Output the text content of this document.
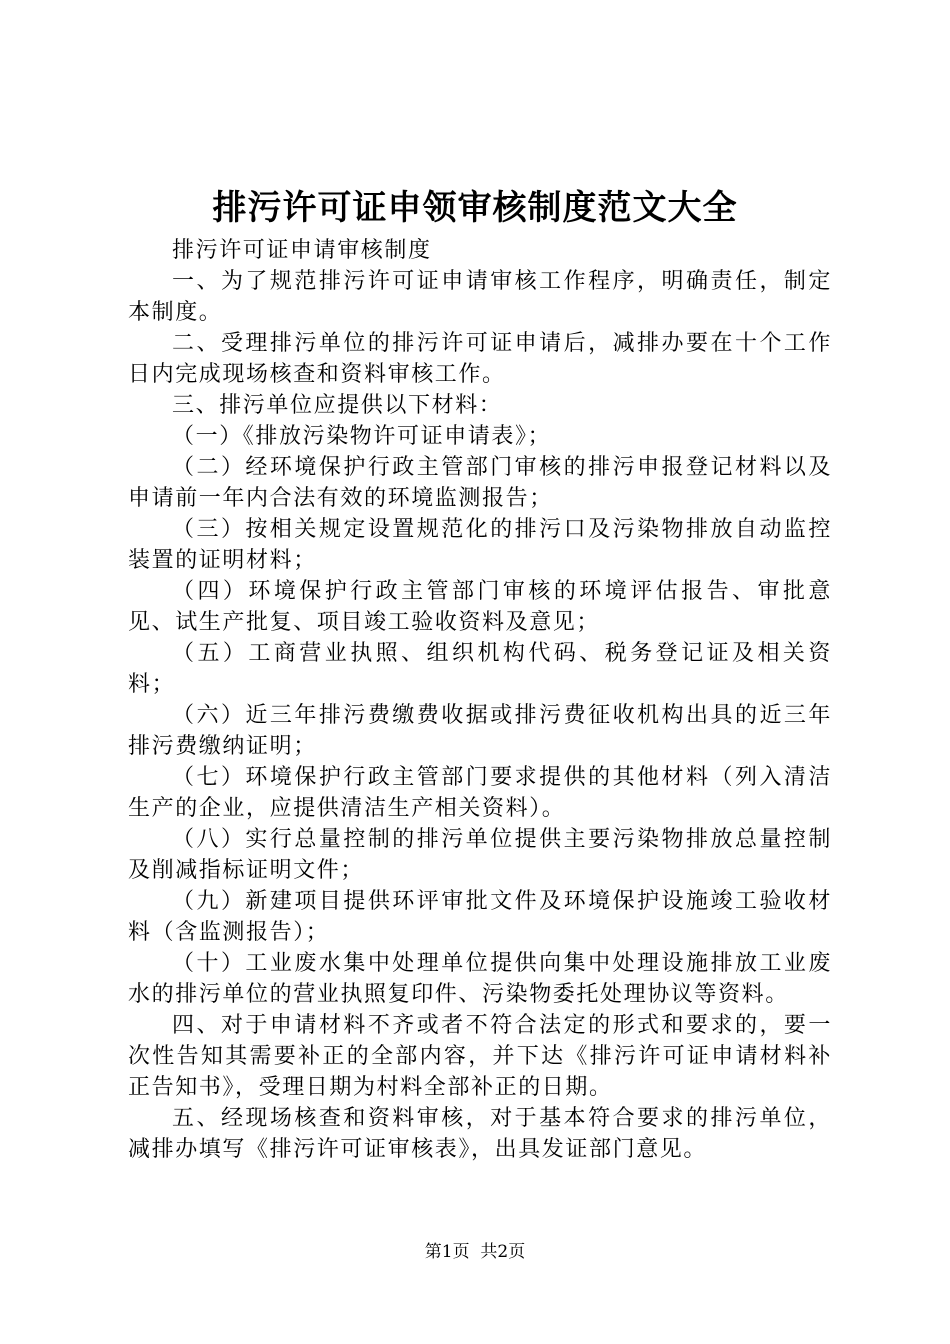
排污许可证申领审核制度范文大全

排污许可证申请审核制度

一、为了规范排污许可证申请审核工作程序，明确责任，制定本制度。

二、受理排污单位的排污许可证申请后，减排办要在十个工作日内完成现场核查和资料审核工作。

三、排污单位应提供以下材料：

（一）《排放污染物许可证申请表》；

（二）经环境保护行政主管部门审核的排污申报登记材料以及申请前一年内合法有效的环境监测报告；

（三）按相关规定设置规范化的排污口及污染物排放自动监控装置的证明材料；

（四）环境保护行政主管部门审核的环境评估报告、审批意见、试生产批复、项目竣工验收资料及意见；

（五）工商营业执照、组织机构代码、税务登记证及相关资料；

（六）近三年排污费缴费收据或排污费征收机构出具的近三年排污费缴纳证明；

（七）环境保护行政主管部门要求提供的其他材料（列入清洁生产的企业，应提供清洁生产相关资料）。

（八）实行总量控制的排污单位提供主要污染物排放总量控制及削减指标证明文件；

（九）新建项目提供环评审批文件及环境保护设施竣工验收材料（含监测报告）；

（十）工业废水集中处理单位提供向集中处理设施排放工业废水的排污单位的营业执照复印件、污染物委托处理协议等资料。

四、对于申请材料不齐或者不符合法定的形式和要求的，要一次性告知其需要补正的全部内容，并下达《排污许可证申请材料补正告知书》，受理日期为村料全部补正的日期。

五、经现场核查和资料审核，对于基本符合要求的排污单位，减排办填写《排污许可证审核表》，出具发证部门意见。

第1页 共2页
